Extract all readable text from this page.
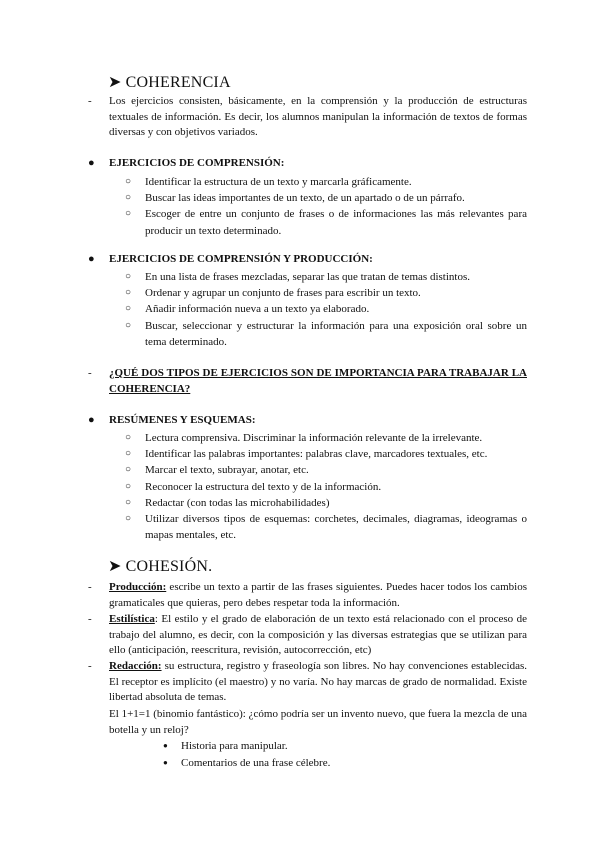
➤ COHERENCIA
- Los ejercicios consisten, básicamente, en la comprensión y la producción de estructuras textuales de información. Es decir, los alumnos manipulan la información de textos de formas diversas y con objetivos variados.
● EJERCICIOS DE COMPRENSIÓN:
○ Identificar la estructura de un texto y marcarla gráficamente.
○ Buscar las ideas importantes de un texto, de un apartado o de un párrafo.
○ Escoger de entre un conjunto de frases o de informaciones las más relevantes para producir un texto determinado.
● EJERCICIOS DE COMPRENSIÓN Y PRODUCCIÓN:
○ En una lista de frases mezcladas, separar las que tratan de temas distintos.
○ Ordenar y agrupar un conjunto de frases para escribir un texto.
○ Añadir información nueva a un texto ya elaborado.
○ Buscar, seleccionar y estructurar la información para una exposición oral sobre un tema determinado.
- ¿QUÉ DOS TIPOS DE EJERCICIOS SON DE IMPORTANCIA PARA TRABAJAR LA COHERENCIA?
● RESÚMENES Y ESQUEMAS:
○ Lectura comprensiva. Discriminar la información relevante de la irrelevante.
○ Identificar las palabras importantes: palabras clave, marcadores textuales, etc.
○ Marcar el texto, subrayar, anotar, etc.
○ Reconocer la estructura del texto y de la información.
○ Redactar (con todas las microhabilidades)
○ Utilizar diversos tipos de esquemas: corchetes, decimales, diagramas, ideogramas o mapas mentales, etc.
➤ COHESIÓN.
- Producción: escribe un texto a partir de las frases siguientes. Puedes hacer todos los cambios gramaticales que quieras, pero debes respetar toda la información.
- Estilística: El estilo y el grado de elaboración de un texto está relacionado con el proceso de trabajo del alumno, es decir, con la composición y las diversas estrategias que se utilizan para ello (anticipación, reescritura, revisión, autocorrección, etc)
- Redacción: su estructura, registro y fraseología son libres. No hay convenciones establecidas. El receptor es implícito (el maestro) y no varía. No hay marcas de grado de normalidad. Existe libertad absoluta de temas.
El 1+1=1 (binomio fantástico): ¿cómo podría ser un invento nuevo, que fuera la mezcla de una botella y un reloj?
● Historia para manipular.
● Comentarios de una frase célebre.
